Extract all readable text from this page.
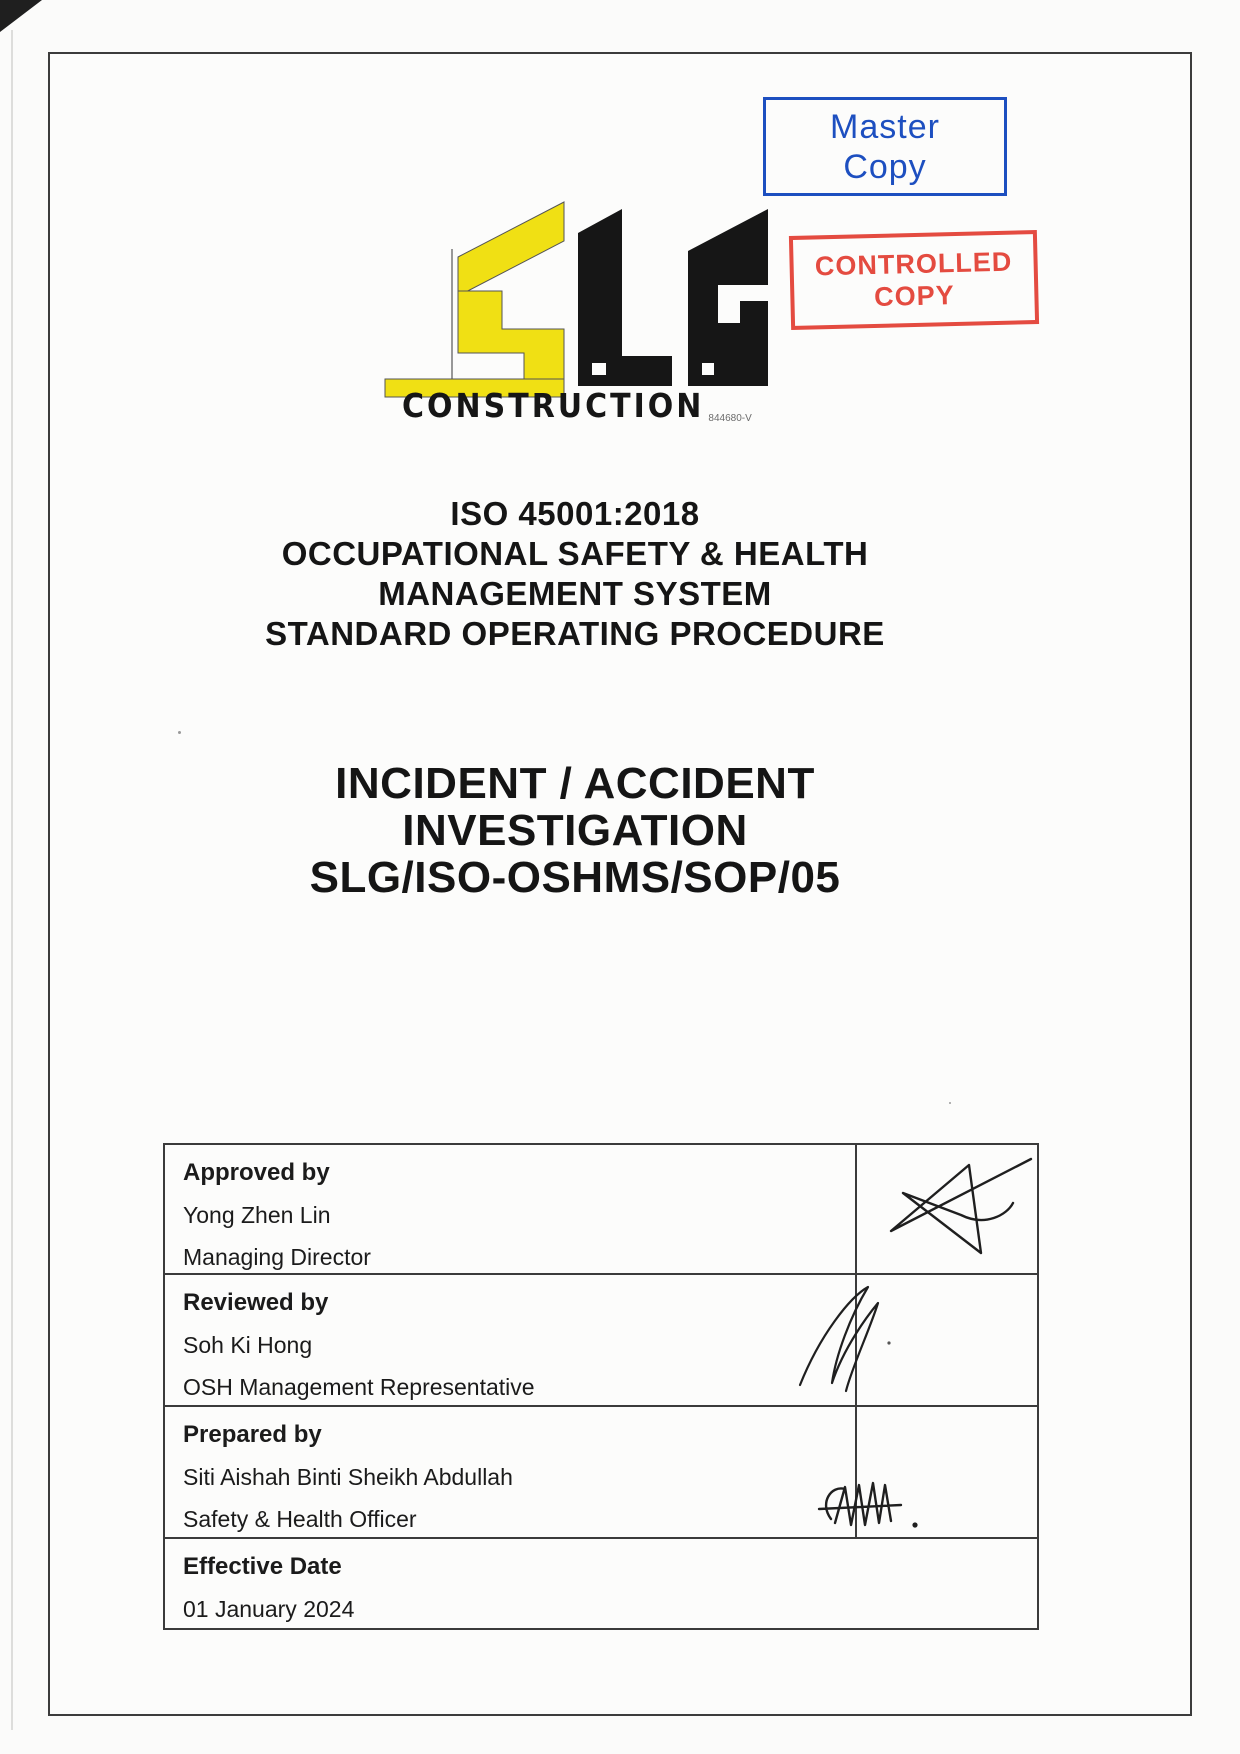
Master
Copy
CONTROLLED
COPY
CONSTRUCTION 844680-V
ISO 45001:2018
OCCUPATIONAL SAFETY & HEALTH
MANAGEMENT SYSTEM
STANDARD OPERATING PROCEDURE
INCIDENT / ACCIDENT
INVESTIGATION
SLG/ISO-OSHMS/SOP/05
Approved by
Yong Zhen Lin
Managing Director
Reviewed by
Soh Ki Hong
OSH Management Representative
Prepared by
Siti Aishah Binti Sheikh Abdullah
Safety & Health Officer
Effective Date
01 January 2024
